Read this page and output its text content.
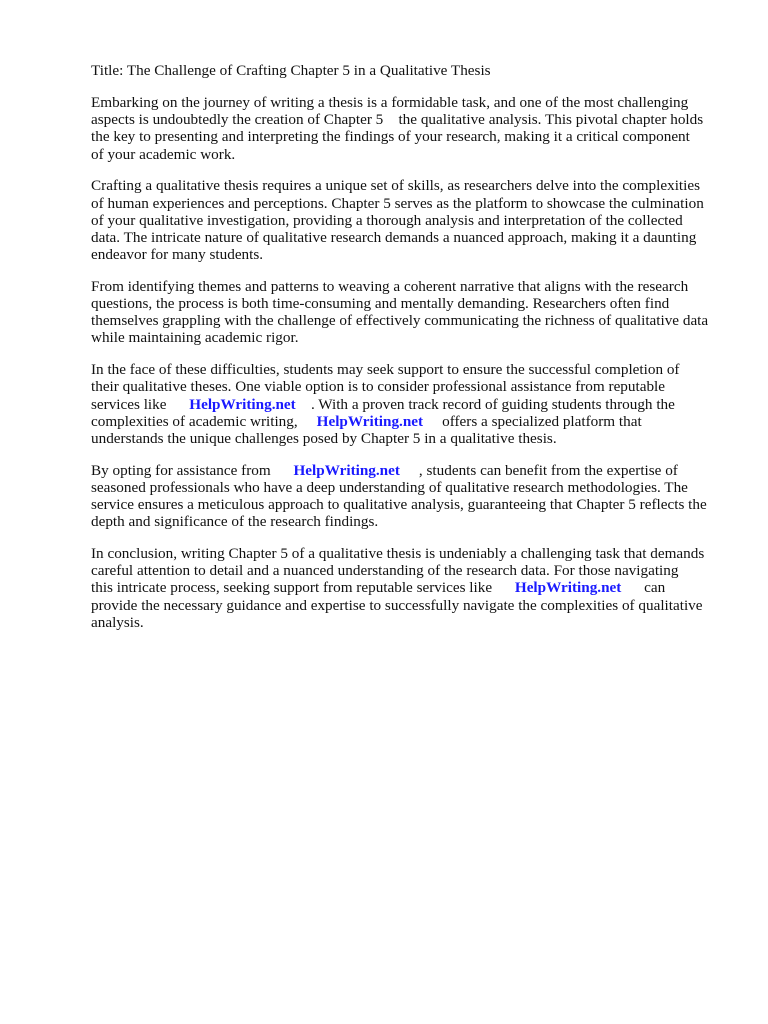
Title: The Challenge of Crafting Chapter 5 in a Qualitative Thesis
Embarking on the journey of writing a thesis is a formidable task, and one of the most challenging
aspects is undoubtedly the creation of Chapter 5    the qualitative analysis. This pivotal chapter holds
the key to presenting and interpreting the findings of your research, making it a critical component
of your academic work.
Crafting a qualitative thesis requires a unique set of skills, as researchers delve into the complexities
of human experiences and perceptions. Chapter 5 serves as the platform to showcase the culmination
of your qualitative investigation, providing a thorough analysis and interpretation of the collected
data. The intricate nature of qualitative research demands a nuanced approach, making it a daunting
endeavor for many students.
From identifying themes and patterns to weaving a coherent narrative that aligns with the research
questions, the process is both time-consuming and mentally demanding. Researchers often find
themselves grappling with the challenge of effectively communicating the richness of qualitative data
while maintaining academic rigor.
In the face of these difficulties, students may seek support to ensure the successful completion of
their qualitative theses. One viable option is to consider professional assistance from reputable
services like      HelpWriting.net    . With a proven track record of guiding students through the
complexities of academic writing,     HelpWriting.net     offers a specialized platform that
understands the unique challenges posed by Chapter 5 in a qualitative thesis.
By opting for assistance from      HelpWriting.net     , students can benefit from the expertise of
seasoned professionals who have a deep understanding of qualitative research methodologies. The
service ensures a meticulous approach to qualitative analysis, guaranteeing that Chapter 5 reflects the
depth and significance of the research findings.
In conclusion, writing Chapter 5 of a qualitative thesis is undeniably a challenging task that demands
careful attention to detail and a nuanced understanding of the research data. For those navigating
this intricate process, seeking support from reputable services like      HelpWriting.net      can
provide the necessary guidance and expertise to successfully navigate the complexities of qualitative
analysis.
